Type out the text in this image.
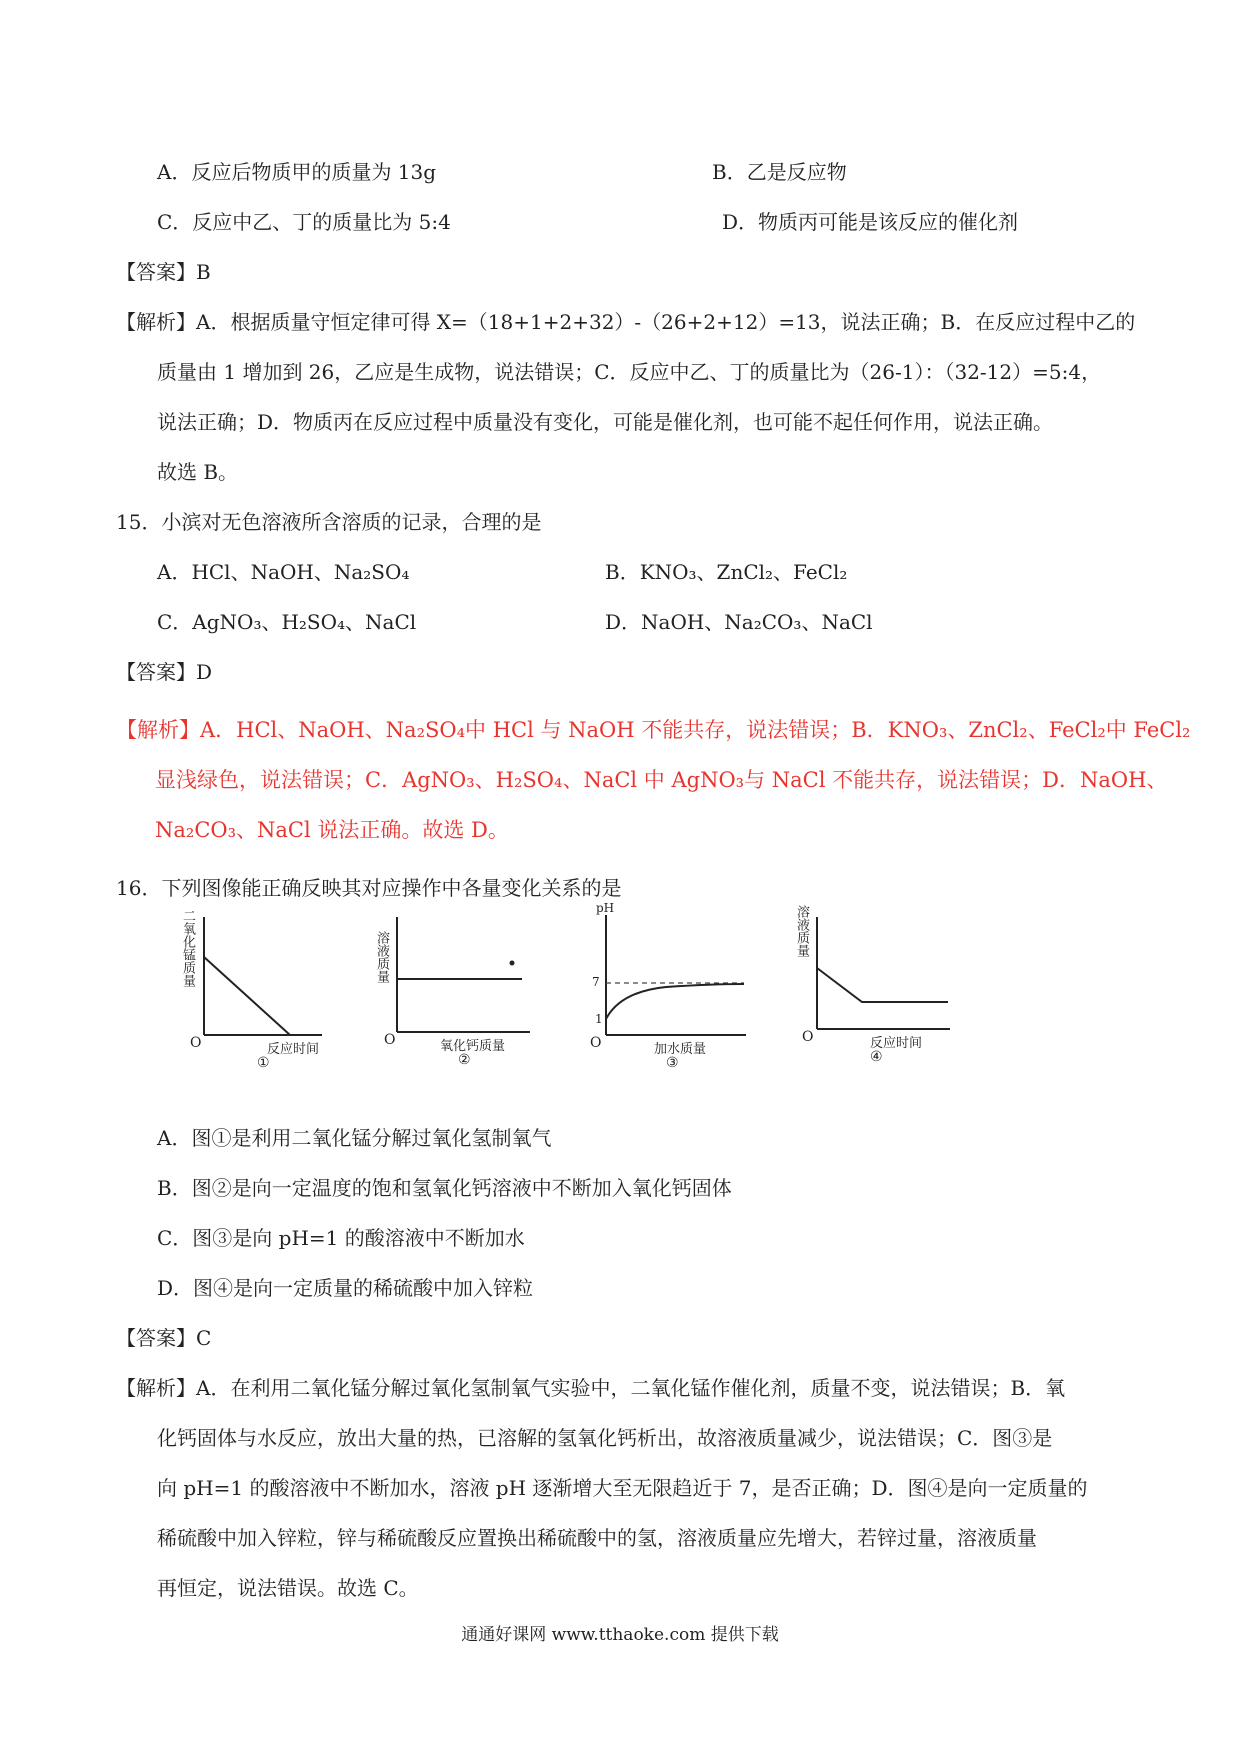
A．反应后物质甲的质量为 13g	B．乙是反应物
C．反应中乙、丁的质量比为 5:4	D．物质丙可能是该反应的催化剂
【答案】B
【解析】A．根据质量守恒定律可得 X=（18+1+2+32）-（26+2+12）=13，说法正确；B．在反应过程中乙的
质量由 1 增加到 26，乙应是生成物，说法错误；C．反应中乙、丁的质量比为（26-1）：（32-12）=5:4，
说法正确；D．物质丙在反应过程中质量没有变化，可能是催化剂，也可能不起任何作用，说法正确。
故选 B。
15．小滨对无色溶液所含溶质的记录，合理的是
A．HCl、NaOH、Na₂SO₄	B．KNO₃、ZnCl₂、FeCl₂
C．AgNO₃、H₂SO₄、NaCl	D．NaOH、Na₂CO₃、NaCl
【答案】D
【解析】A．HCl、NaOH、Na₂SO₄中 HCl 与 NaOH 不能共存，说法错误；B．KNO₃、ZnCl₂、FeCl₂中 FeCl₂
显浅绿色，说法错误；C．AgNO₃、H₂SO₄、NaCl 中 AgNO₃与 NaCl 不能共存，说法错误；D．NaOH、
Na₂CO₃、NaCl 说法正确。故选 D。
16．下列图像能正确反映其对应操作中各量变化关系的是
二氧化锰质量
O	反应时间
①
溶液质量
O	氧化钙质量
②
pH
7
1
O	加水质量
③
溶液质量
O	反应时间
④
A．图①是利用二氧化锰分解过氧化氢制氧气
B．图②是向一定温度的饱和氢氧化钙溶液中不断加入氧化钙固体
C．图③是向 pH=1 的酸溶液中不断加水
D．图④是向一定质量的稀硫酸中加入锌粒
【答案】C
【解析】A．在利用二氧化锰分解过氧化氢制氧气实验中，二氧化锰作催化剂，质量不变，说法错误；B．氧
化钙固体与水反应，放出大量的热，已溶解的氢氧化钙析出，故溶液质量减少，说法错误；C．图③是
向 pH=1 的酸溶液中不断加水，溶液 pH 逐渐增大至无限趋近于 7，是否正确；D．图④是向一定质量的
稀硫酸中加入锌粒，锌与稀硫酸反应置换出稀硫酸中的氢，溶液质量应先增大，若锌过量，溶液质量
再恒定，说法错误。故选 C。
通通好课网 www.tthaoke.com 提供下载
